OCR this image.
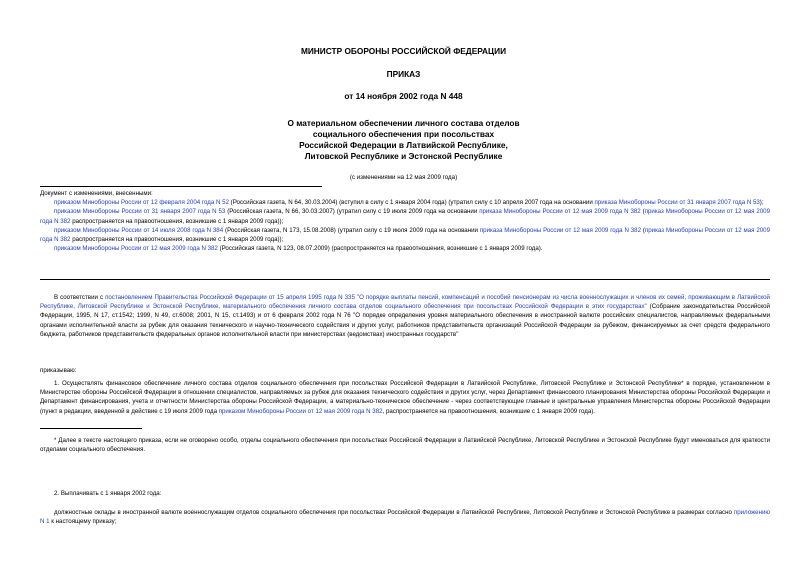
МИНИСТР ОБОРОНЫ РОССИЙСКОЙ ФЕДЕРАЦИИ
ПРИКАЗ
от 14 ноября 2002 года N 448
О материальном обеспечении личного состава отделов
социального обеспечения при посольствах
Российской Федерации в Латвийской Республике,
Литовской Республике и Эстонской Республике
(с изменениями на 12 мая 2009 года)

Документ с изменениями, внесенными:

приказом Минобороны России от 12 февраля 2004 года N 52 (Российская газета, N 64, 30.03.2004) (вступил в силу с 1 января 2004 года) (утратил силу с 10 апреля 2007 года на основании приказа Минобороны России от 31 января 2007 года N 53);

приказом Минобороны России от 31 января 2007 года N 53 (Российская газета, N 66, 30.03.2007) (утратил силу с 19 июля 2009 года на основании приказа Минобороны России от 12 мая 2009 года N 382 (приказ Минобороны России от 12 мая 2009 года N 382 распространяется на правоотношения, возникшие с 1 января 2009 года));

приказом Минобороны России от 14 июля 2008 года N 384 (Российская газета, N 173, 15.08.2008) (утратил силу с 19 июля 2009 года на основании приказа Минобороны России от 12 мая 2009 года N 382 (приказ Минобороны России от 12 мая 2009 года N 382 распространяется на правоотношения, возникшие с 1 января 2009 года));

приказом Минобороны России от 12 мая 2009 года N 382 (Российская газета, N 123, 08.07.2009) (распространяется на правоотношения, возникшие с 1 января 2009 года).

В соответствии с постановлением Правительства Российской Федерации от 15 апреля 1995 года N 335 "О порядке выплаты пенсий, компенсаций и пособий пенсионерам из числа военнослужащих и членов их семей, проживающим в Латвийской Республике, Литовской Республике и Эстонской Республике, материального обеспечения личного состава отделов социального обеспечения при посольствах Российской Федерации в этих государствах" (Собрание законодательства Российской Федерации, 1995, N 17, ст.1542; 1999, N 49, ст.6008; 2001, N 15, ст.1493) и от 6 февраля 2002 года N 76 "О порядке определения уровня материального обеспечения в иностранной валюте российских специалистов, направляемых федеральными органами исполнительной власти за рубеж для оказания технического и научно-технического содействия и других услуг, работников представительств организаций Российской Федерации за рубежом, финансируемых за счет средств федерального бюджета, работников представительств федеральных органов исполнительной власти при министерствах (ведомствах) иностранных государств"

приказываю:

1. Осуществлять финансовое обеспечение личного состава отделов социального обеспечения при посольствах Российской Федерации в Латвийской Республике, Литовской Республике и Эстонской Республике* в порядке, установленном в Министерстве обороны Российской Федерации в отношении специалистов, направляемых за рубеж для оказания технического содействия и других услуг, через Департамент финансового планирования Министерства обороны Российской Федерации и Департамент финансирования, учета и отчетности Министерства обороны Российской Федерации, а материально-техническое обеспечение - через соответствующие главные и центральные управления Министерства обороны Российской Федерации (пункт в редакции, введенной в действие с 19 июля 2009 года приказом Минобороны России от 12 мая 2009 года N 382, распространяется на правоотношения, возникшие с 1 января 2009 года).

* Далее в тексте настоящего приказа, если не оговорено особо, отделы социального обеспечения при посольствах Российской Федерации в Латвийской Республике, Литовской Республике и Эстонской Республике будут именоваться для краткости отделами социального обеспечения.

2. Выплачивать с 1 января 2002 года:

должностные оклады в иностранной валюте военнослужащим отделов социального обеспечения при посольствах Российской Федерации в Латвийской Республике, Литовской Республике и Эстонской Республике в размерах согласно приложению N 1 к настоящему приказу;
